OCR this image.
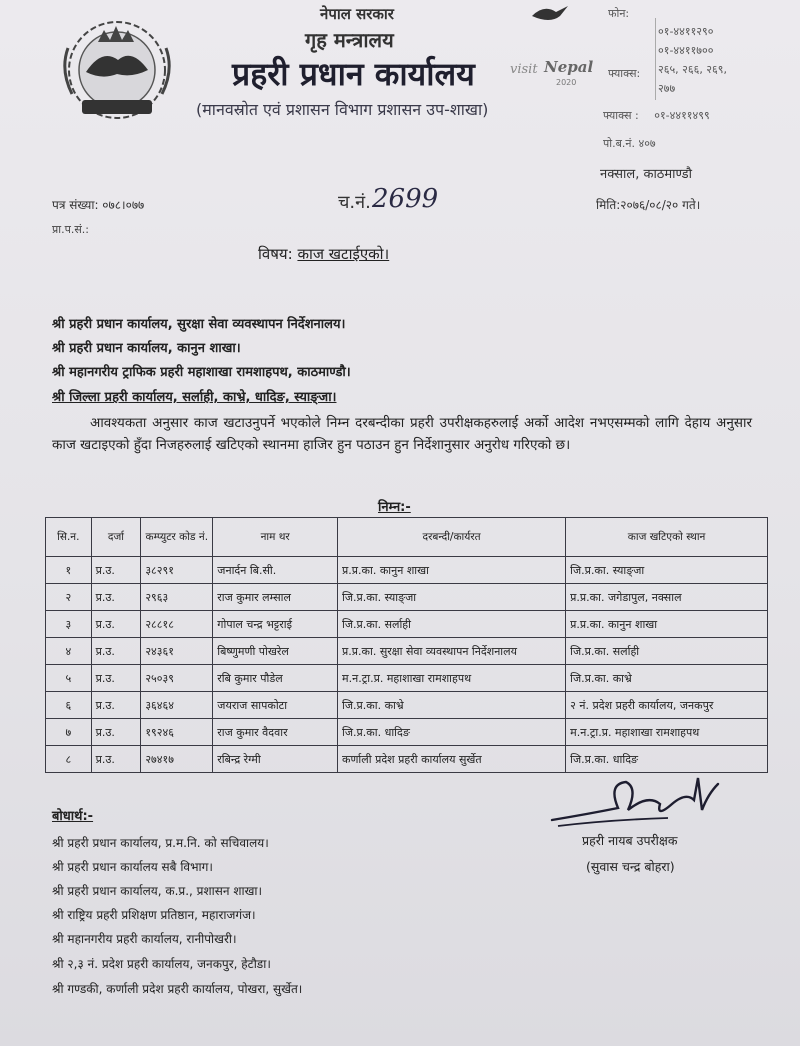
नेपाल सरकार
गृह मन्त्रालय
प्रहरी प्रधान कार्यालय
(मानवस्रोत एवं प्रशासन विभाग प्रशासन उप-शाखा)
visit Nepal
2020
फोन:
०१-४४११२९०
०१-४४११७००
२६५, २६६, २६९,
२७७
फ्याक्स:
फ्याक्स : ०१-४४११४९९
पो.ब.नं. ४०७
नक्साल, काठमाण्डौ
पत्र संख्या: ०७८।०७७	च.नं. 2699	मिति:२०७६/०८/२० गते।
प्रा.प.सं.:
विषय: काज खटाईएको।
श्री प्रहरी प्रधान कार्यालय, सुरक्षा सेवा व्यवस्थापन निर्देशनालय।
श्री प्रहरी प्रधान कार्यालय, कानुन शाखा।
श्री महानगरीय ट्राफिक प्रहरी महाशाखा रामशाहपथ, काठमाण्डौ।
श्री जिल्ला प्रहरी कार्यालय, सर्लाही, काभ्रे, धादिङ, स्याङ्जा।
आवश्यकता अनुसार काज खटाउनुपर्ने भएकोले निम्न दरबन्दीका प्रहरी उपरीक्षकहरुलाई अर्को आदेश नभएसम्मको लागि देहाय अनुसार काज खटाइएको हुँदा निजहरुलाई खटिएको स्थानमा हाजिर हुन पठाउन हुन निर्देशानुसार अनुरोध गरिएको छ।
निम्न:-
सि.न.	दर्जा	कम्प्युटर कोड नं.	नाम थर	दरबन्दी/कार्यरत	काज खटिएको स्थान
१	प्र.उ.	३८२९१	जनार्दन बि.सी.	प्र.प्र.का. कानुन शाखा	जि.प्र.का. स्याङ्जा
२	प्र.उ.	२९६३	राज कुमार लम्साल	जि.प्र.का. स्याङ्जा	प्र.प्र.का. जगेडापुल, नक्साल
३	प्र.उ.	२८८१८	गोपाल चन्द्र भट्टराई	जि.प्र.का. सर्लाही	प्र.प्र.का. कानुन शाखा
४	प्र.उ.	२४३६१	बिष्णुमणी पोखरेल	प्र.प्र.का. सुरक्षा सेवा व्यवस्थापन निर्देशनालय	जि.प्र.का. सर्लाही
५	प्र.उ.	२५०३९	रबि कुमार पौडेल	म.न.ट्रा.प्र. महाशाखा रामशाहपथ	जि.प्र.का. काभ्रे
६	प्र.उ.	३६४६४	जयराज सापकोटा	जि.प्र.का. काभ्रे	२ नं. प्रदेश प्रहरी कार्यालय, जनकपुर
७	प्र.उ.	१९२४६	राज कुमार वैदवार	जि.प्र.का. धादिङ	म.न.ट्रा.प्र. महाशाखा रामशाहपथ
८	प्र.उ.	२७४१७	रबिन्द्र रेग्मी	कर्णाली प्रदेश प्रहरी कार्यालय सुर्खेत	जि.प्र.का. धादिङ
प्रहरी नायब उपरीक्षक
(सुवास चन्द्र बोहरा)
बोधार्थ:-
श्री प्रहरी प्रधान कार्यालय, प्र.म.नि. को सचिवालय।
श्री प्रहरी प्रधान कार्यालय सबै विभाग।
श्री प्रहरी प्रधान कार्यालय, क.प्र., प्रशासन शाखा।
श्री राष्ट्रिय प्रहरी प्रशिक्षण प्रतिष्ठान, महाराजगंज।
श्री महानगरीय प्रहरी कार्यालय, रानीपोखरी।
श्री २,३ नं. प्रदेश प्रहरी कार्यालय, जनकपुर, हेटौडा।
श्री गण्डकी, कर्णाली प्रदेश प्रहरी कार्यालय, पोखरा, सुर्खेत।
